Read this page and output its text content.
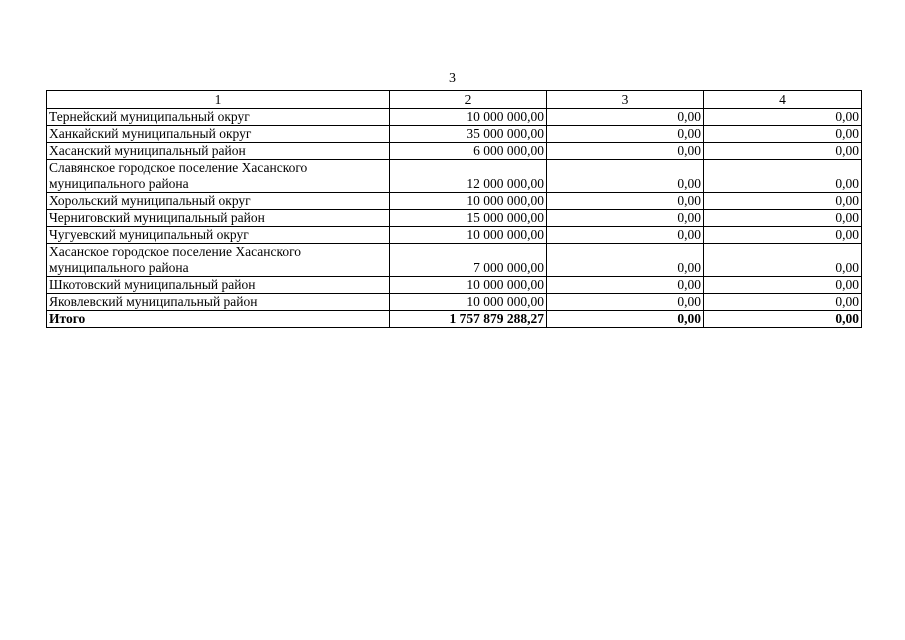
3
1	2	3	4
Тернейский муниципальный округ	10 000 000,00	0,00	0,00
Ханкайский муниципальный округ	35 000 000,00	0,00	0,00
Хасанский муниципальный район	6 000 000,00	0,00	0,00
Славянское городское поселение Хасанского муниципального района	12 000 000,00	0,00	0,00
Хорольский муниципальный округ	10 000 000,00	0,00	0,00
Черниговский муниципальный район	15 000 000,00	0,00	0,00
Чугуевский муниципальный округ	10 000 000,00	0,00	0,00
Хасанское городское поселение Хасанского муниципального района	7 000 000,00	0,00	0,00
Шкотовский муниципальный район	10 000 000,00	0,00	0,00
Яковлевский муниципальный район	10 000 000,00	0,00	0,00
Итого	1 757 879 288,27	0,00	0,00
